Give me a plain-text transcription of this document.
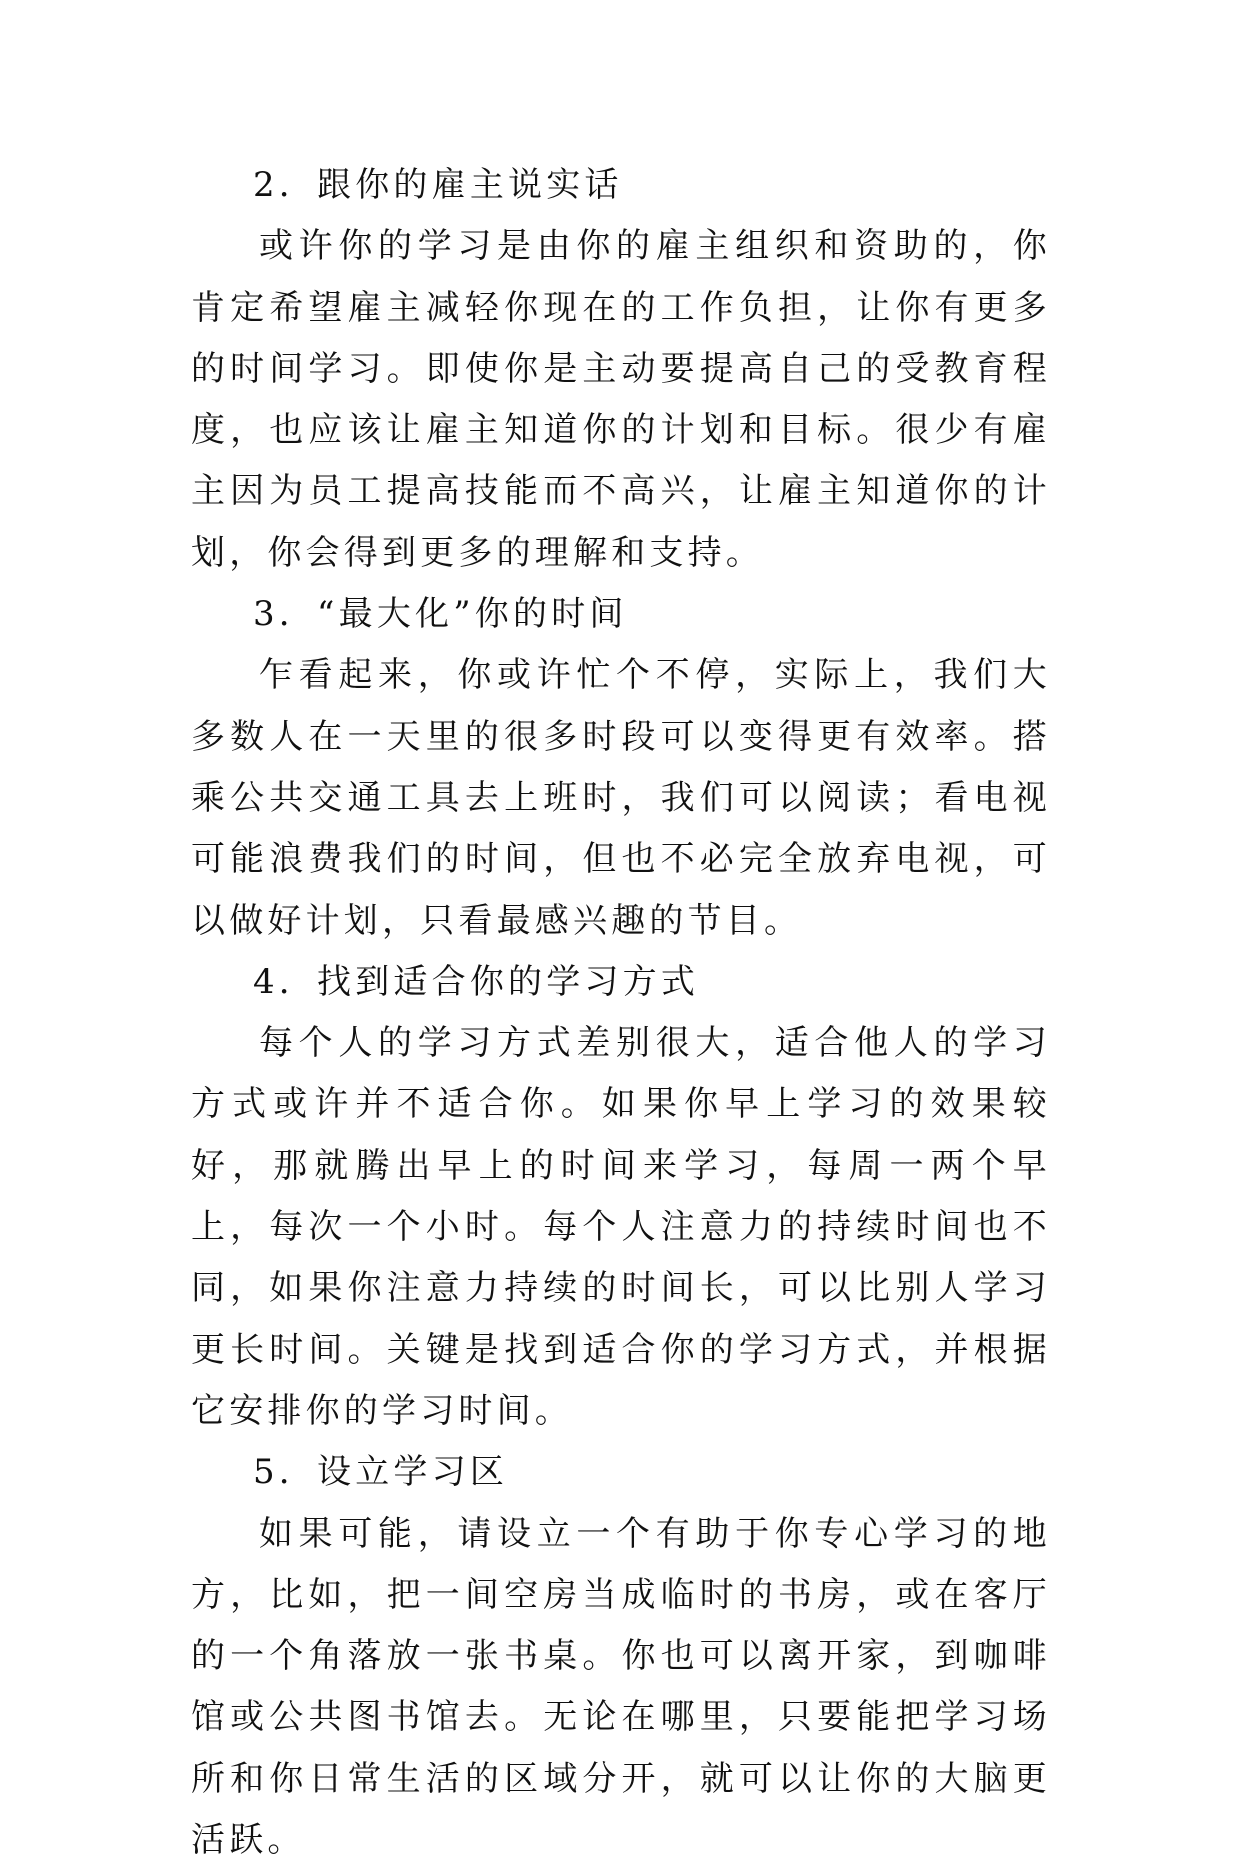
2．跟你的雇主说实话

或许你的学习是由你的雇主组织和资助的，你肯定希望雇主减轻你现在的工作负担，让你有更多的时间学习。即使你是主动要提高自己的受教育程度，也应该让雇主知道你的计划和目标。很少有雇主因为员工提高技能而不高兴，让雇主知道你的计划，你会得到更多的理解和支持。

3．“最大化”你的时间

乍看起来，你或许忙个不停，实际上，我们大多数人在一天里的很多时段可以变得更有效率。搭乘公共交通工具去上班时，我们可以阅读；看电视可能浪费我们的时间，但也不必完全放弃电视，可以做好计划，只看最感兴趣的节目。

4．找到适合你的学习方式

每个人的学习方式差别很大，适合他人的学习方式或许并不适合你。如果你早上学习的效果较好，那就腾出早上的时间来学习，每周一两个早上，每次一个小时。每个人注意力的持续时间也不同，如果你注意力持续的时间长，可以比别人学习更长时间。关键是找到适合你的学习方式，并根据它安排你的学习时间。

5．设立学习区

如果可能，请设立一个有助于你专心学习的地方，比如，把一间空房当成临时的书房，或在客厅的一个角落放一张书桌。你也可以离开家，到咖啡馆或公共图书馆去。无论在哪里，只要能把学习场所和你日常生活的区域分开，就可以让你的大脑更活跃。
